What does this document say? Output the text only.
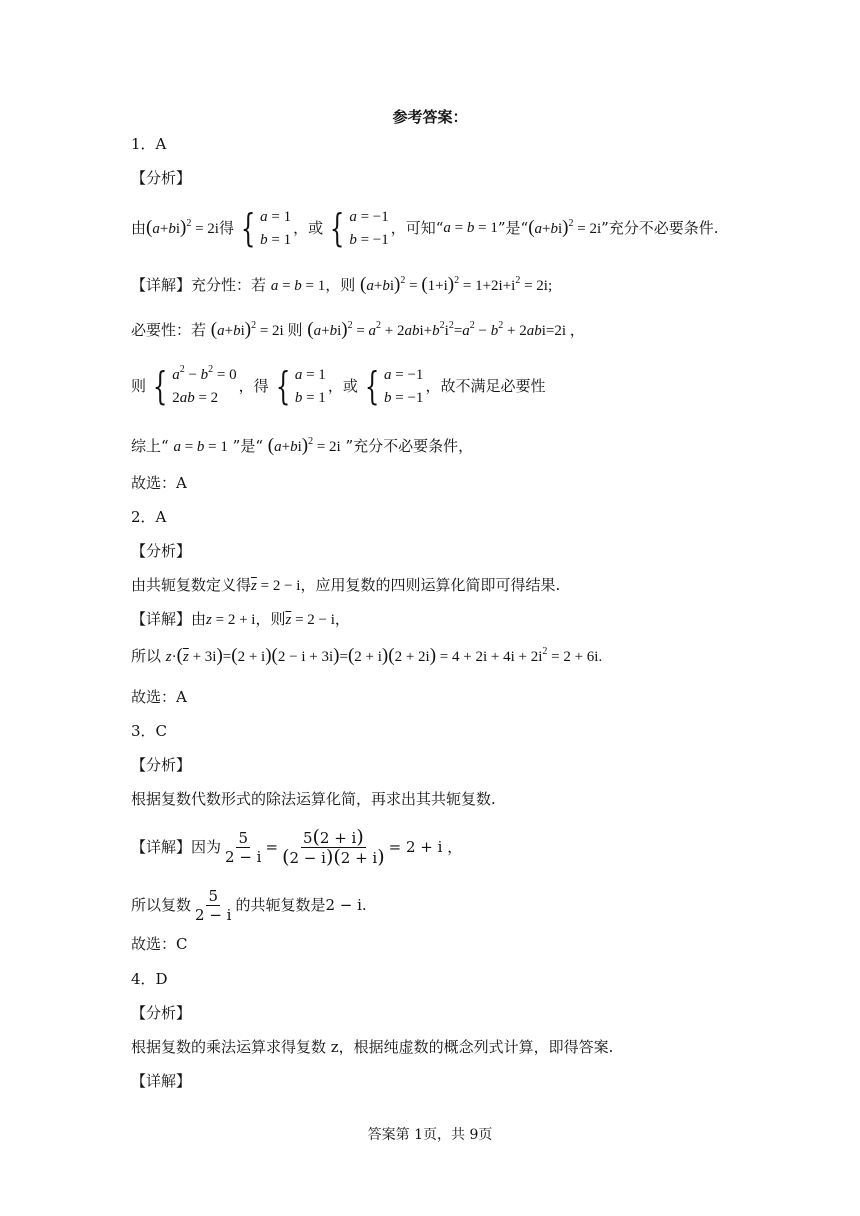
参考答案：
1．A
【分析】
由 $(a+bi)^2 = 2i$ 得 { a = 1
b = 1
，或 { a = −1
b = −1
，可知“ a = b = 1 ”是“ $(a+bi)^2 = 2i$ ”充分不必要条件.
【详解】充分性：若 a = b = 1，则 $(a+bi)^2 = (1+i)^2 = 1+2i+i^2 = 2i$;
必要性：若 $(a+bi)^2 = 2i$ 则 $(a+bi)^2 = a^2 + 2abi+b^2i^2=a^2 - b^2 + 2abi=2i$ ，
则 { $a^2 - b^2 = 0$
2ab = 2
，得 { a = 1
b = 1
，或 { a = −1
b = −1
，故不满足必要性
综上“ a = b = 1 ”是“ $(a+bi)^2 = 2i$ ”充分不必要条件，
故选：A
2．A
【分析】
由共轭复数定义得$\overline{z} = 2 - i$，应用复数的四则运算化简即可得结果.
【详解】由z = 2 + i，则$\overline{z} = 2 - i$，
所以 $z\cdot(\overline{z} + 3i)=(2 + i)(2 - i + 3i)=(2 + i)(2 + 2i) = 4 + 2i + 4i + 2i^2 = 2 + 6i$.
故选：A
3．C
【分析】
根据复数代数形式的除法运算化简，再求出其共轭复数.
【详解】 因为 $\frac{5}{2 - i} = \frac{5(2 + i)}{(2 - i)(2 + i)} = 2 + i$ ，
所以复数 $\frac{5}{2 - i}$ 的共轭复数是 2 − i.
故选：C
4．D
【分析】
根据复数的乘法运算求得复数 z，根据纯虚数的概念列式计算，即得答案.
【详解】
答案第 1页，共 9页
